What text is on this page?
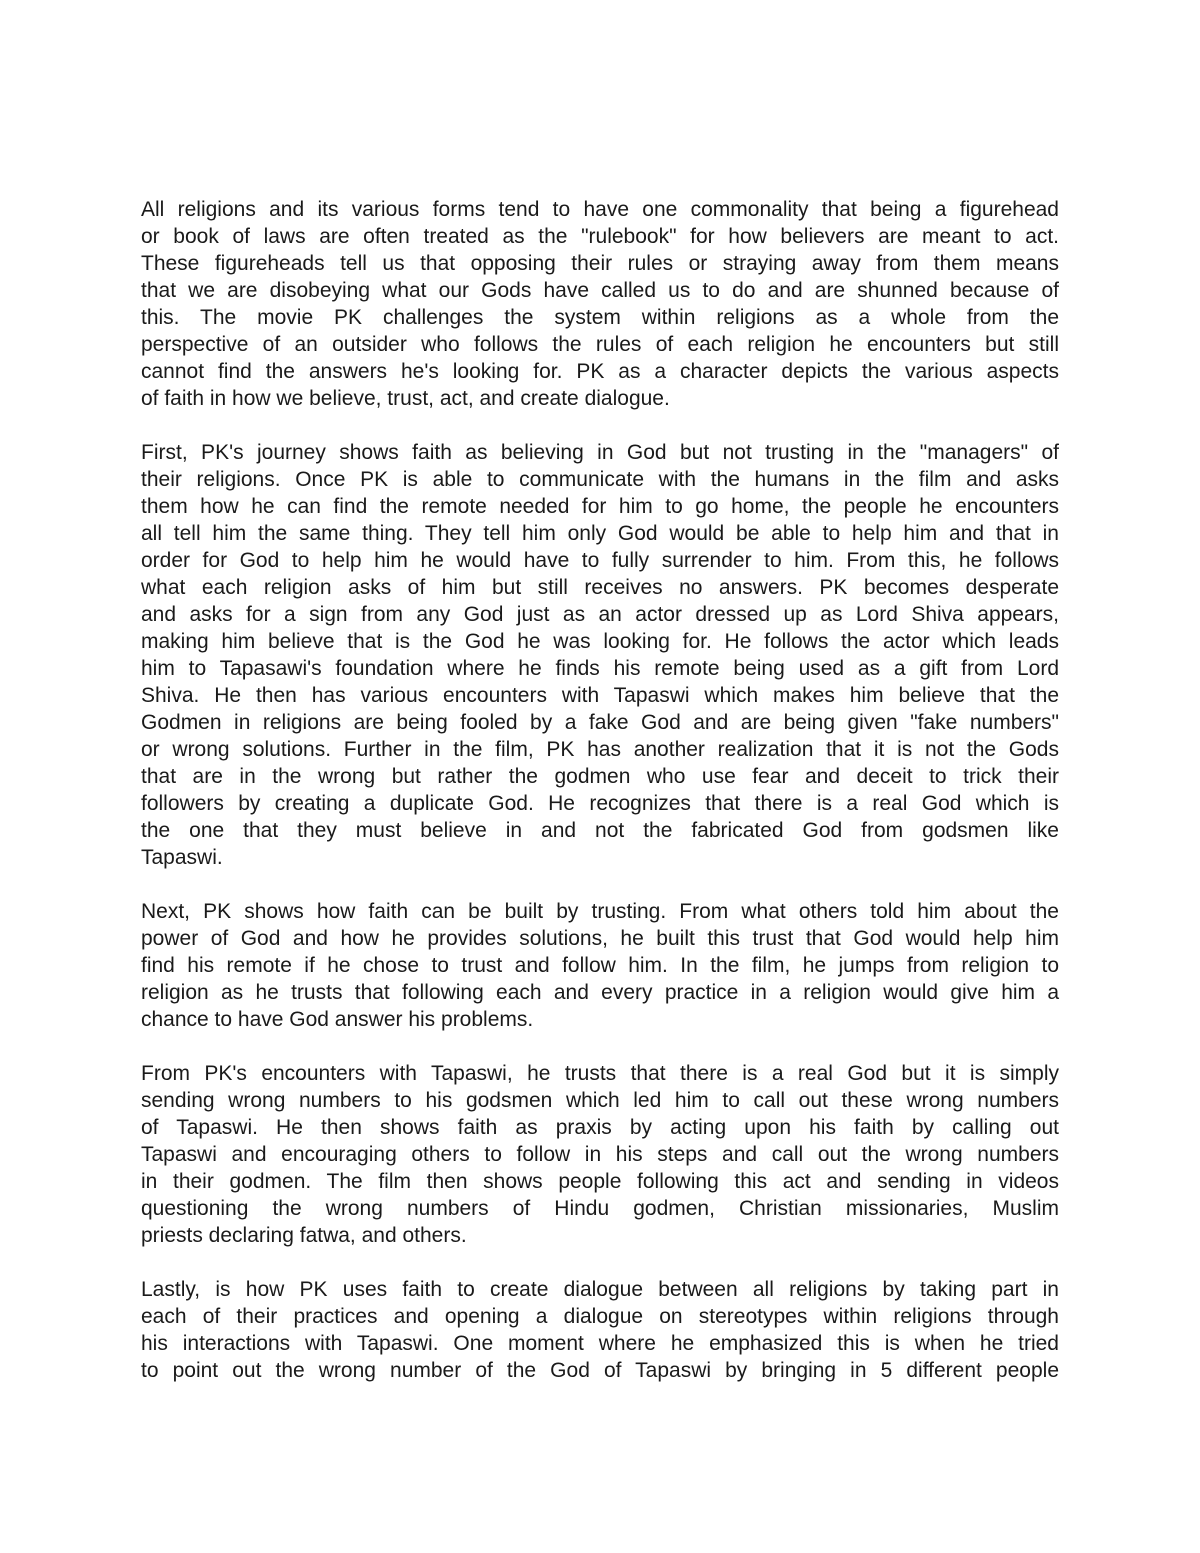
All religions and its various forms tend to have one commonality that being a figurehead
or book of laws are often treated as the "rulebook" for how believers are meant to act.
These figureheads tell us that opposing their rules or straying away from them means
that we are disobeying what our Gods have called us to do and are shunned because of
this. The movie PK challenges the system within religions as a whole from the
perspective of an outsider who follows the rules of each religion he encounters but still
cannot find the answers he's looking for. PK as a character depicts the various aspects
of faith in how we believe, trust, act, and create dialogue.

First, PK's journey shows faith as believing in God but not trusting in the "managers" of
their religions. Once PK is able to communicate with the humans in the film and asks
them how he can find the remote needed for him to go home, the people he encounters
all tell him the same thing. They tell him only God would be able to help him and that in
order for God to help him he would have to fully surrender to him. From this, he follows
what each religion asks of him but still receives no answers. PK becomes desperate
and asks for a sign from any God just as an actor dressed up as Lord Shiva appears,
making him believe that is the God he was looking for. He follows the actor which leads
him to Tapasawi's foundation where he finds his remote being used as a gift from Lord
Shiva. He then has various encounters with Tapaswi which makes him believe that the
Godmen in religions are being fooled by a fake God and are being given "fake numbers"
or wrong solutions. Further in the film, PK has another realization that it is not the Gods
that are in the wrong but rather the godmen who use fear and deceit to trick their
followers by creating a duplicate God. He recognizes that there is a real God which is
the one that they must believe in and not the fabricated God from godsmen like
Tapaswi.

Next, PK shows how faith can be built by trusting. From what others told him about the
power of God and how he provides solutions, he built this trust that God would help him
find his remote if he chose to trust and follow him. In the film, he jumps from religion to
religion as he trusts that following each and every practice in a religion would give him a
chance to have God answer his problems.

From PK's encounters with Tapaswi, he trusts that there is a real God but it is simply
sending wrong numbers to his godsmen which led him to call out these wrong numbers
of Tapaswi. He then shows faith as praxis by acting upon his faith by calling out
Tapaswi and encouraging others to follow in his steps and call out the wrong numbers
in their godmen. The film then shows people following this act and sending in videos
questioning the wrong numbers of Hindu godmen, Christian missionaries, Muslim
priests declaring fatwa, and others.

Lastly, is how PK uses faith to create dialogue between all religions by taking part in
each of their practices and opening a dialogue on stereotypes within religions through
his interactions with Tapaswi. One moment where he emphasized this is when he tried
to point out the wrong number of the God of Tapaswi by bringing in 5 different people
